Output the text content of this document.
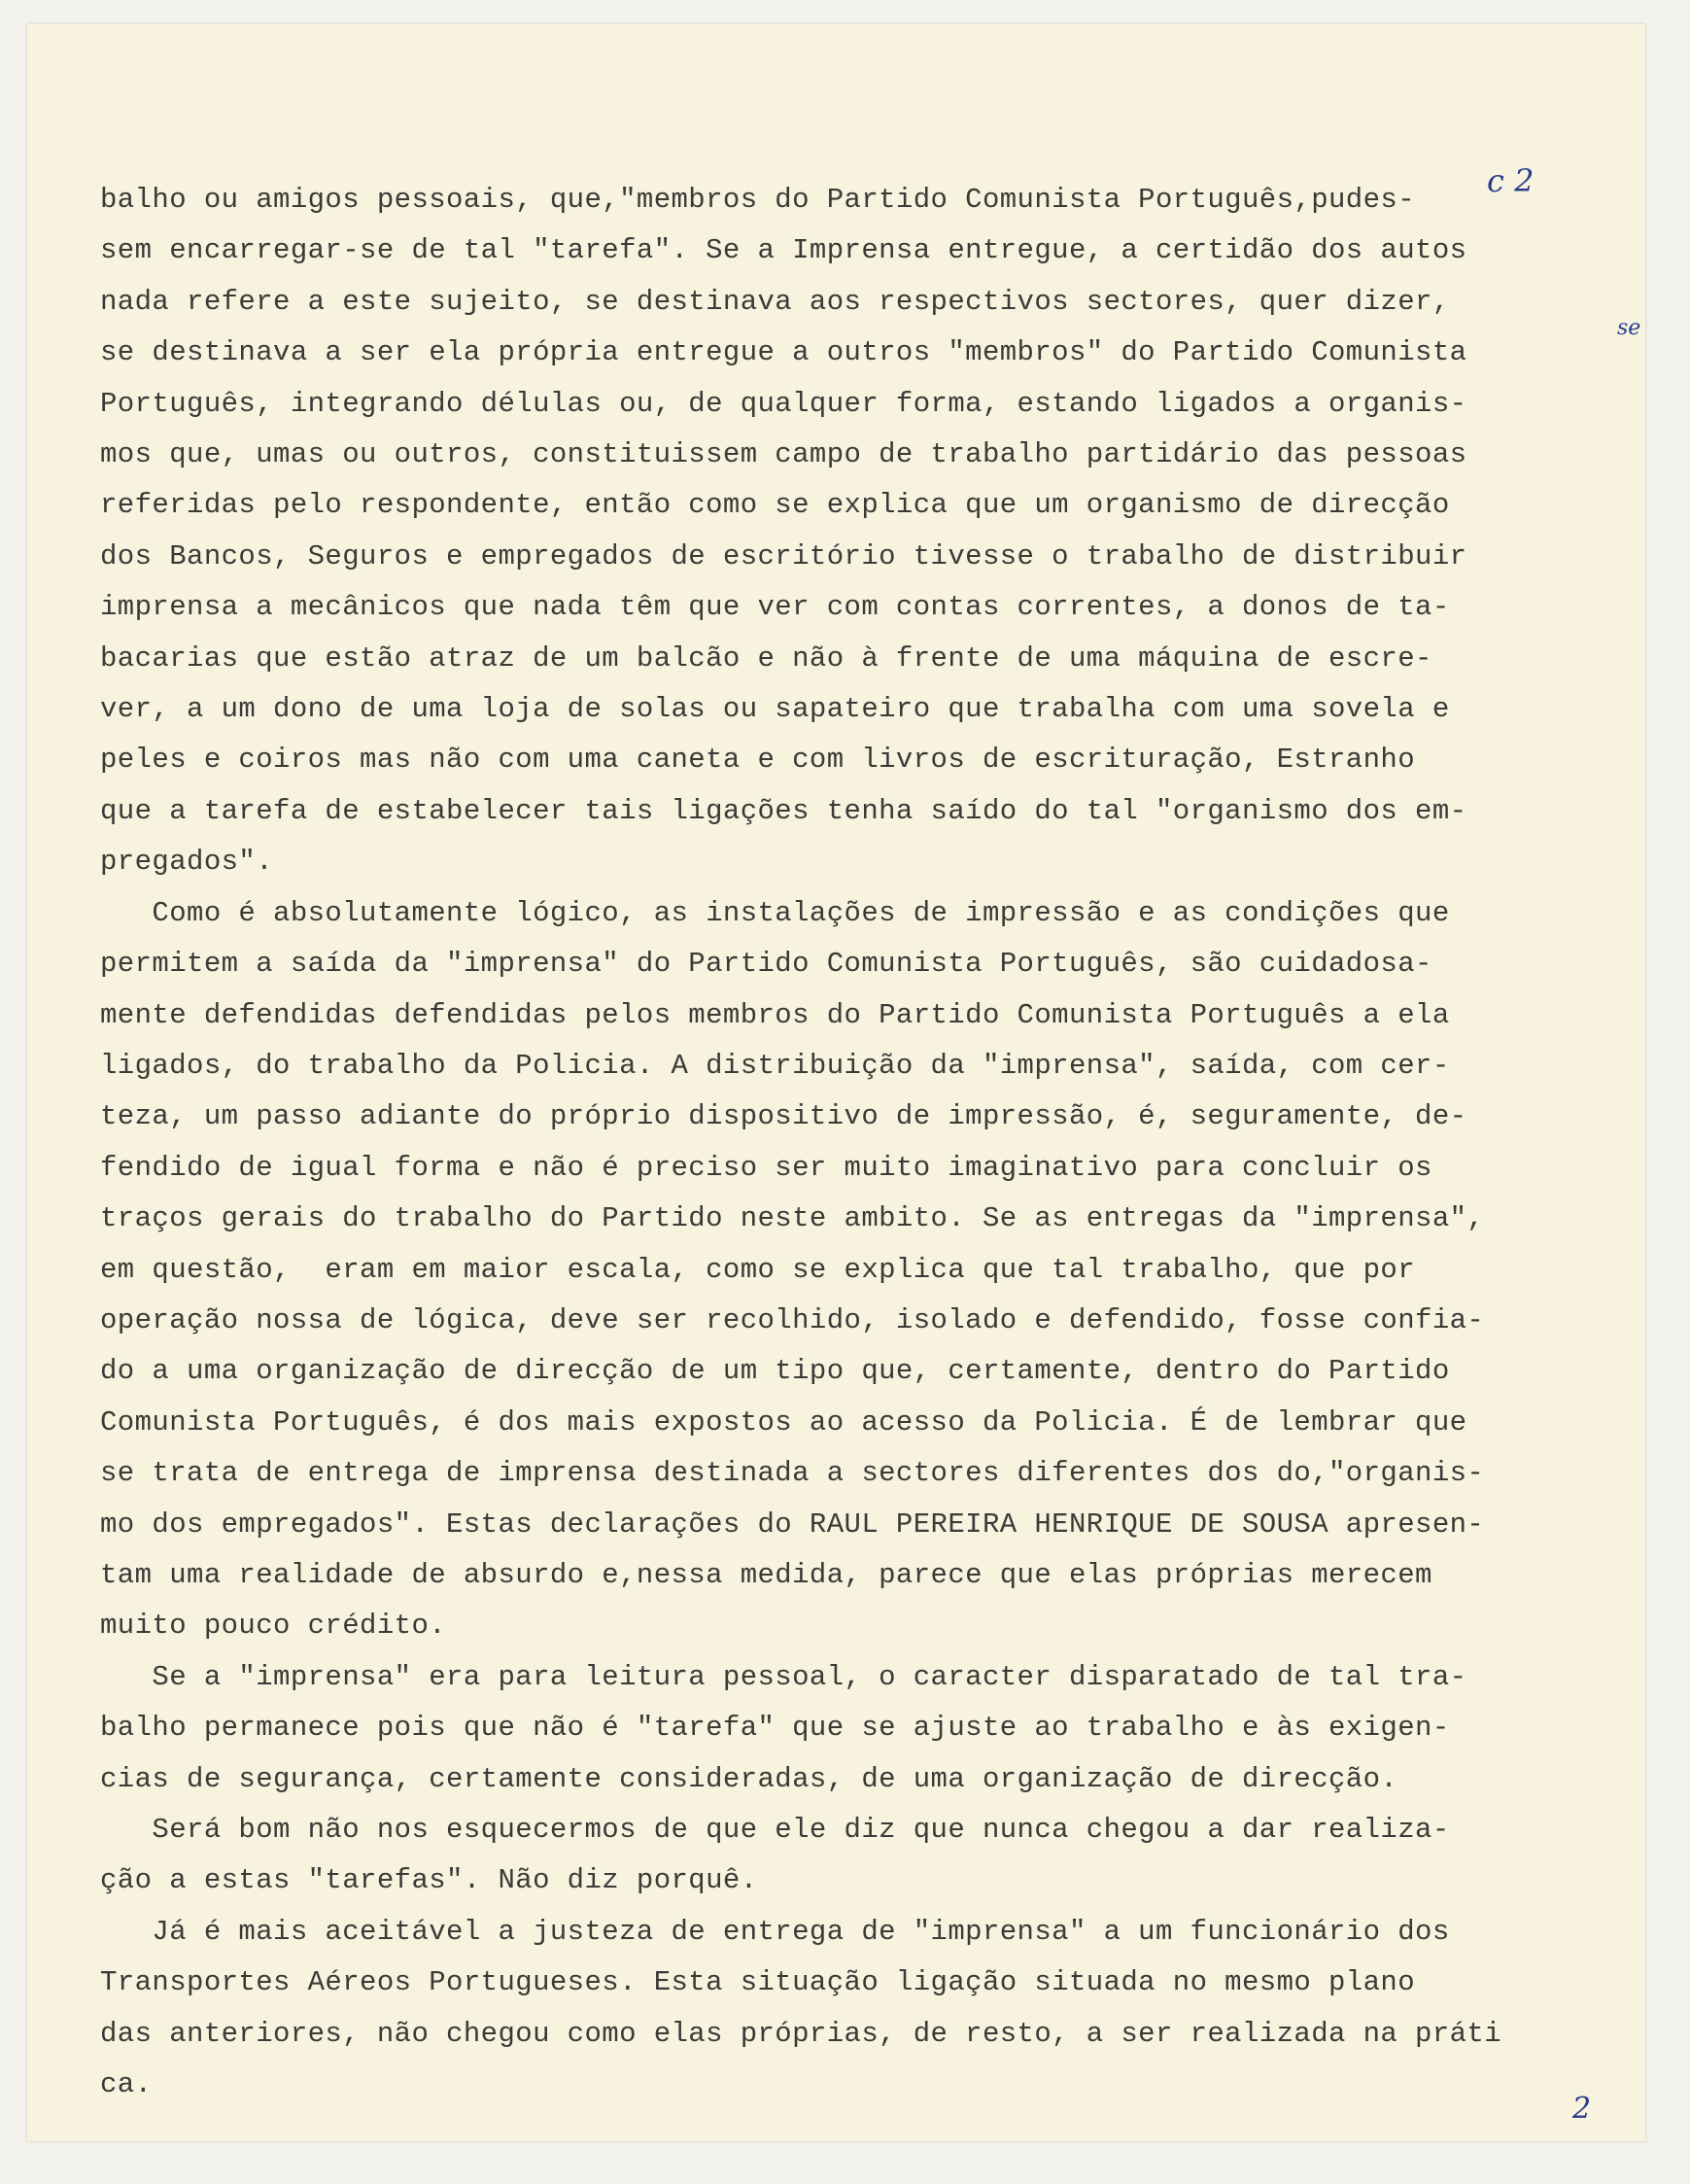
c 2
se

balho ou amigos pessoais, que,"membros do Partido Comunista Português,pudes-

sem encarregar-se de tal "tarefa". Se a Imprensa entregue, a certidão dos autos

nada refere a este sujeito, se destinava aos respectivos sectores, quer dizer,

se destinava a ser ela própria entregue a outros "membros" do Partido Comunista

Português, integrando délulas ou, de qualquer forma, estando ligados a organis-

mos que, umas ou outros, constituissem campo de trabalho partidário das pessoas

referidas pelo respondente, então como se explica que um organismo de direcção

dos Bancos, Seguros e empregados de escritório tivesse o trabalho de distribuir

imprensa a mecânicos que nada têm que ver com contas correntes, a donos de ta-

bacarias que estão atraz de um balcão e não à frente de uma máquina de escre-

ver, a um dono de uma loja de solas ou sapateiro que trabalha com uma sovela e

peles e coiros mas não com uma caneta e com livros de escrituração, Estranho

que a tarefa de estabelecer tais ligações tenha saído do tal "organismo dos em-

pregados".

Como é absolutamente lógico, as instalações de impressão e as condições que

permitem a saída da "imprensa" do Partido Comunista Português, são cuidadosa-

mente defendidas defendidas pelos membros do Partido Comunista Português a ela

ligados, do trabalho da Policia. A distribuição da "imprensa", saída, com cer-

teza, um passo adiante do próprio dispositivo de impressão, é, seguramente, de-

fendido de igual forma e não é preciso ser muito imaginativo para concluir os

traços gerais do trabalho do Partido neste ambito. Se as entregas da "imprensa",

em questão,  eram em maior escala, como se explica que tal trabalho, que por

operação nossa de lógica, deve ser recolhido, isolado e defendido, fosse confia-

do a uma organização de direcção de um tipo que, certamente, dentro do Partido

Comunista Português, é dos mais expostos ao acesso da Policia. É de lembrar que

se trata de entrega de imprensa destinada a sectores diferentes dos do,"organis-

mo dos empregados". Estas declarações do RAUL PEREIRA HENRIQUE DE SOUSA apresen-

tam uma realidade de absurdo e,nessa medida, parece que elas próprias merecem

muito pouco crédito.

Se a "imprensa" era para leitura pessoal, o caracter disparatado de tal tra-

balho permanece pois que não é "tarefa" que se ajuste ao trabalho e às exigen-

cias de segurança, certamente consideradas, de uma organização de direcção.

Será bom não nos esquecermos de que ele diz que nunca chegou a dar realiza-

ção a estas "tarefas". Não diz porquê.

Já é mais aceitável a justeza de entrega de "imprensa" a um funcionário dos

Transportes Aéreos Portugueses. Esta situação ligação situada no mesmo plano

das anteriores, não chegou como elas próprias, de resto, a ser realizada na práti

ca.

2
